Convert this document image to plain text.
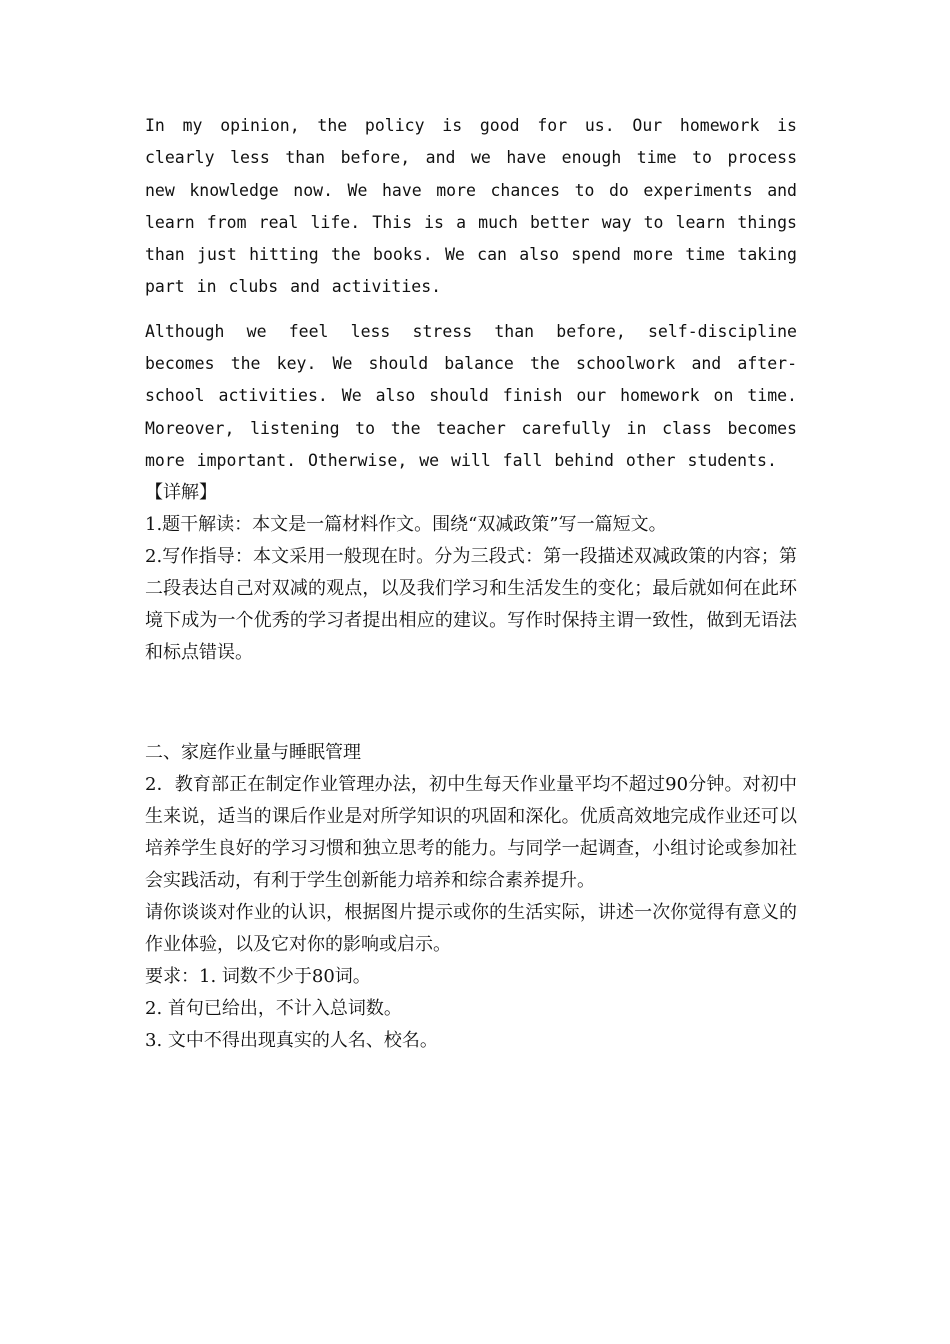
In my opinion, the policy is good for us. Our homework is clearly less than before, and we have enough time to process new knowledge now. We have more chances to do experiments and learn from real life. This is a much better way to learn things than just hitting the books. We can also spend more time taking part in clubs and activities.

Although we feel less stress than before, self-discipline becomes the key. We should balance the schoolwork and after-school activities. We also should finish our homework on time. Moreover, listening to the teacher carefully in class becomes more important. Otherwise, we will fall behind other students.

【详解】

1.题干解读：本文是一篇材料作文。围绕“双减政策”写一篇短文。

2.写作指导：本文采用一般现在时。分为三段式：第一段描述双减政策的内容；第二段表达自己对双减的观点，以及我们学习和生活发生的变化；最后就如何在此环境下成为一个优秀的学习者提出相应的建议。写作时保持主谓一致性，做到无语法和标点错误。

二、家庭作业量与睡眠管理

2．教育部正在制定作业管理办法，初中生每天作业量平均不超过90分钟。对初中生来说，适当的课后作业是对所学知识的巩固和深化。优质高效地完成作业还可以培养学生良好的学习习惯和独立思考的能力。与同学一起调查，小组讨论或参加社会实践活动，有利于学生创新能力培养和综合素养提升。

请你谈谈对作业的认识，根据图片提示或你的生活实际，讲述一次你觉得有意义的作业体验，以及它对你的影响或启示。

要求：1. 词数不少于80词。

2. 首句已给出，不计入总词数。

3. 文中不得出现真实的人名、校名。
